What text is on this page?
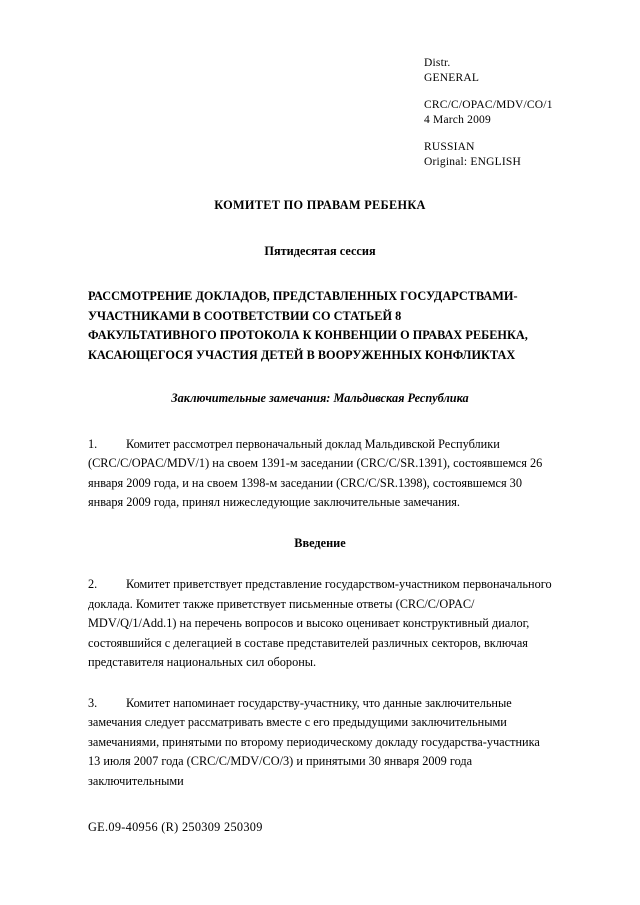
Distr.
GENERAL
CRC/C/OPAC/MDV/CO/1
4 March 2009
RUSSIAN
Original: ENGLISH

КОМИТЕТ ПО ПРАВАМ РЕБЕНКА

Пятидесятая сессия

РАССМОТРЕНИЕ ДОКЛАДОВ, ПРЕДСТАВЛЕННЫХ ГОСУДАРСТВАМИ-
УЧАСТНИКАМИ В СООТВЕТСТВИИ СО СТАТЬЕЙ 8
ФАКУЛЬТАТИВНОГО ПРОТОКОЛА К КОНВЕНЦИИ О ПРАВАХ РЕБЕНКА,
КАСАЮЩЕГОСЯ УЧАСТИЯ ДЕТЕЙ В ВООРУЖЕННЫХ КОНФЛИКТАХ

Заключительные замечания: Мальдивская Республика

1. Комитет рассмотрел первоначальный доклад Мальдивской Республики (CRC/C/OPAC/MDV/1) на своем 1391-м заседании (CRC/C/SR.1391), состоявшемся 26 января 2009 года, и на своем 1398-м заседании (CRC/C/SR.1398), состоявшемся 30 января 2009 года, принял нижеследующие заключительные замечания.

Введение

2. Комитет приветствует представление государством-участником первоначального доклада. Комитет также приветствует письменные ответы (CRC/C/OPAC/ MDV/Q/1/Add.1) на перечень вопросов и высоко оценивает конструктивный диалог, состоявшийся с делегацией в составе представителей различных секторов, включая представителя национальных сил обороны.

3. Комитет напоминает государству-участнику, что данные заключительные замечания следует рассматривать вместе с его предыдущими заключительными замечаниями, принятыми по второму периодическому докладу государства-участника 13 июля 2007 года (CRC/C/MDV/CO/3) и принятыми 30 января 2009 года заключительными

GE.09-40956 (R) 250309 250309
